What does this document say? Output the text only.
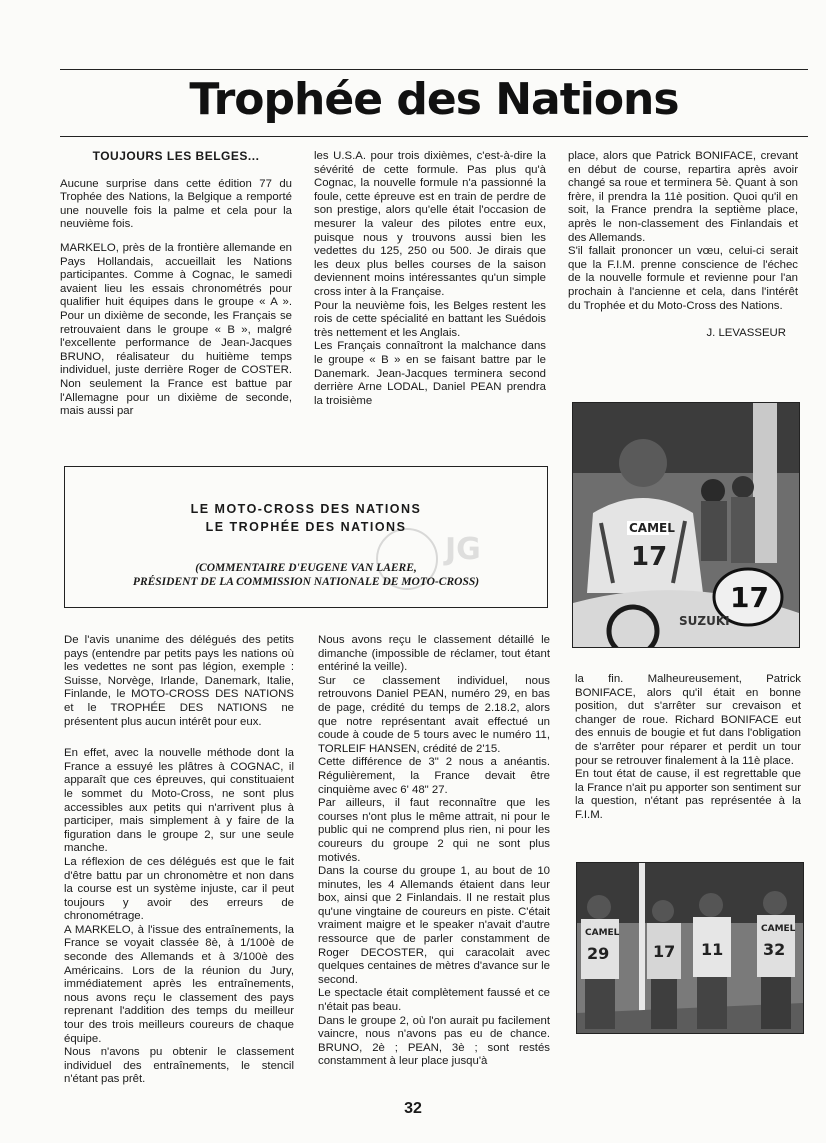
Trophée des Nations

TOUJOURS LES BELGES...

Aucune surprise dans cette édition 77 du Trophée des Nations, la Belgique a remporté une nouvelle fois la palme et cela pour la neuvième fois.

MARKELO, près de la frontière allemande en Pays Hollandais, accueillait les Nations participantes. Comme à Cognac, le samedi avaient lieu les essais chronométrés pour qualifier huit équipes dans le groupe « A ». Pour un dixième de seconde, les Français se retrouvaient dans le groupe « B », malgré l'excellente performance de Jean-Jacques BRUNO, réalisateur du huitième temps individuel, juste derrière Roger de COSTER. Non seulement la France est battue par l'Allemagne pour un dixième de seconde, mais aussi par

les U.S.A. pour trois dixièmes, c'est-à-dire la sévérité de cette formule. Pas plus qu'à Cognac, la nouvelle formule n'a passionné la foule, cette épreuve est en train de perdre de son prestige, alors qu'elle était l'occasion de mesurer la valeur des pilotes entre eux, puisque nous y trouvons aussi bien les vedettes du 125, 250 ou 500. Je dirais que les deux plus belles courses de la saison deviennent moins intéressantes qu'un simple cross inter à la Française.

Pour la neuvième fois, les Belges restent les rois de cette spécialité en battant les Suédois très nettement et les Anglais.

Les Français connaîtront la malchance dans le groupe « B » en se faisant battre par le Danemark. Jean-Jacques terminera second derrière Arne LODAL, Daniel PEAN prendra la troisième

place, alors que Patrick BONIFACE, crevant en début de course, repartira après avoir changé sa roue et terminera 5è. Quant à son frère, il prendra la 11è position. Quoi qu'il en soit, la France prendra la septième place, après le non-classement des Finlandais et des Allemands.

S'il fallait prononcer un vœu, celui-ci serait que la F.I.M. prenne conscience de l'échec de la nouvelle formule et revienne pour l'an prochain à l'ancienne et cela, dans l'intérêt du Trophée et du Moto-Cross des Nations.

J. LEVASSEUR

JG
LE MOTO-CROSS DES NATIONS
LE TROPHÉE DES NATIONS
(COMMENTAIRE D'EUGENE VAN LAERE,
PRÉSIDENT DE LA COMMISSION NATIONALE DE MOTO-CROSS)
CAMEL
17
17
SUZUKI

De l'avis unanime des délégués des petits pays (entendre par petits pays les nations où les vedettes ne sont pas légion, exemple : Suisse, Norvège, Irlande, Danemark, Italie, Finlande, le MOTO-CROSS DES NATIONS et le TROPHÉE DES NATIONS ne présentent plus aucun intérêt pour eux.

En effet, avec la nouvelle méthode dont la France a essuyé les plâtres à COGNAC, il apparaît que ces épreuves, qui constituaient le sommet du Moto-Cross, ne sont plus accessibles aux petits qui n'arrivent plus à participer, mais simplement à y faire de la figuration dans le groupe 2, sur une seule manche.

La réflexion de ces délégués est que le fait d'être battu par un chronomètre et non dans la course est un système injuste, car il peut toujours y avoir des erreurs de chronométrage.

A MARKELO, à l'issue des entraînements, la France se voyait classée 8è, à 1/100è de seconde des Allemands et à 3/100è des Américains. Lors de la réunion du Jury, immédiatement après les entraînements, nous avons reçu le classement des pays reprenant l'addition des temps du meilleur tour des trois meilleurs coureurs de chaque équipe.

Nous n'avons pu obtenir le classement individuel des entraînements, le stencil n'étant pas prêt.

Nous avons reçu le classement détaillé le dimanche (impossible de réclamer, tout étant entériné la veille).

Sur ce classement individuel, nous retrouvons Daniel PEAN, numéro 29, en bas de page, crédité du temps de 2.18.2, alors que notre représentant avait effectué un coude à coude de 5 tours avec le numéro 11, TORLEIF HANSEN, crédité de 2'15.

Cette différence de 3" 2 nous a anéantis. Régulièrement, la France devait être cinquième avec 6' 48" 27.

Par ailleurs, il faut reconnaître que les courses n'ont plus le même attrait, ni pour le public qui ne comprend plus rien, ni pour les coureurs du groupe 2 qui ne sont plus motivés.

Dans la course du groupe 1, au bout de 10 minutes, les 4 Allemands étaient dans leur box, ainsi que 2 Finlandais. Il ne restait plus qu'une vingtaine de coureurs en piste. C'était vraiment maigre et le speaker n'avait d'autre ressource que de parler constamment de Roger DECOSTER, qui caracolait avec quelques centaines de mètres d'avance sur le second.

Le spectacle était complètement faussé et ce n'était pas beau.

Dans le groupe 2, où l'on aurait pu facilement vaincre, nous n'avons pas eu de chance. BRUNO, 2è ; PEAN, 3è ; sont restés constamment à leur place jusqu'à

la fin. Malheureusement, Patrick BONIFACE, alors qu'il était en bonne position, dut s'arrêter sur crevaison et changer de roue. Richard BONIFACE eut des ennuis de bougie et fut dans l'obligation de s'arrêter pour réparer et perdit un tour pour se retrouver finalement à la 11è place.

En tout état de cause, il est regrettable que la France n'ait pu apporter son sentiment sur la question, n'étant pas représentée à la F.I.M.

CAMEL
29	17 11
CAMEL
32
32
